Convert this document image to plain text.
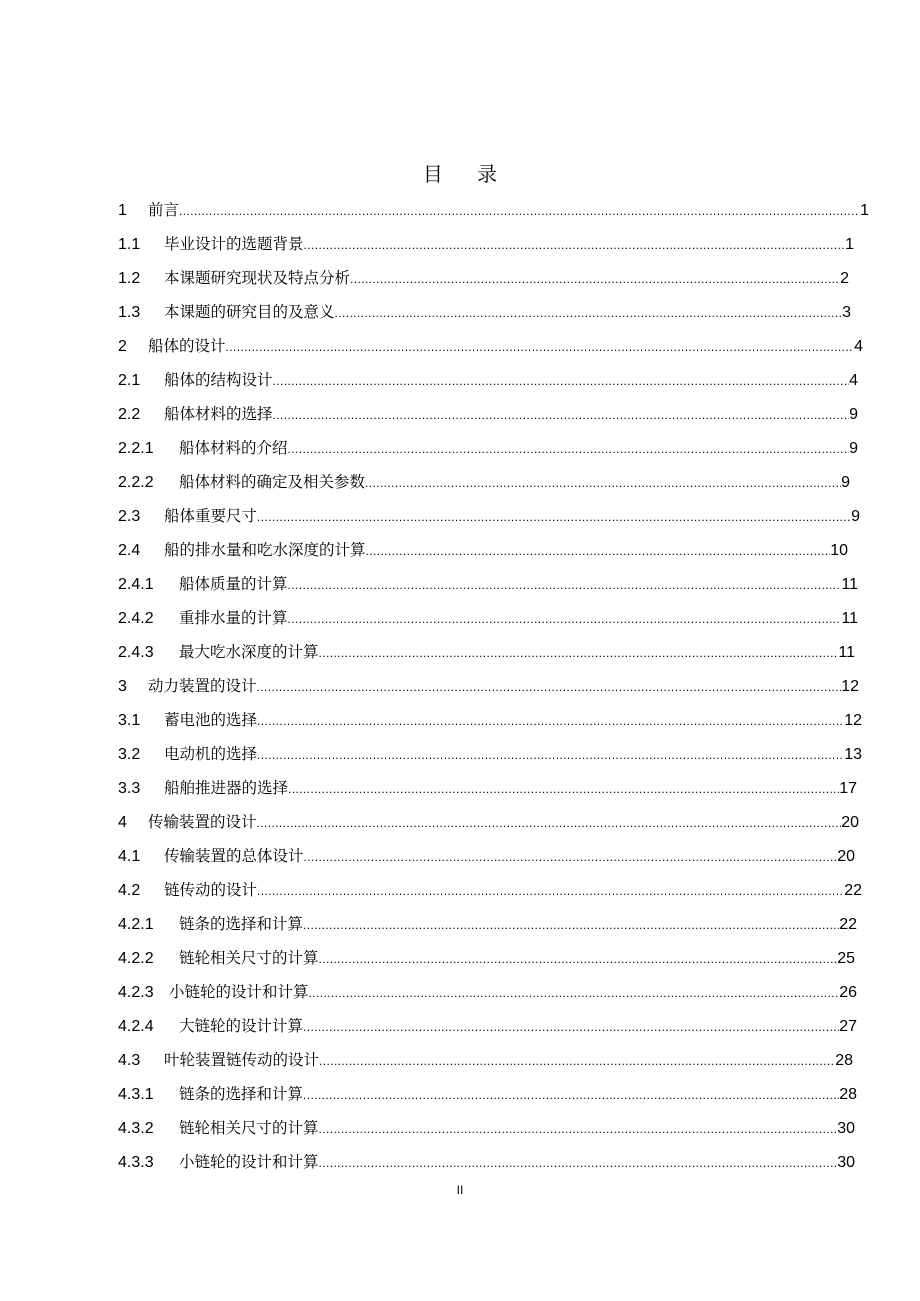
目 录
1	前言 .....	1
1.1	毕业设计的选题背景 .....	1
1.2	本课题研究现状及特点分析 .....	2
1.3	本课题的研究目的及意义 .....	3
2	船体的设计 .....	4
2.1	船体的结构设计 .....	4
2.2	船体材料的选择 .....	9
2.2.1	船体材料的介绍 .....	9
2.2.2	船体材料的确定及相关参数 .....	9
2.3	船体重要尺寸 .....	9
2.4	船的排水量和吃水深度的计算 .....	10
2.4.1	船体质量的计算 .....	11
2.4.2	重排水量的计算 .....	11
2.4.3	最大吃水深度的计算 .....	11
3	动力装置的设计 .....	12
3.1	蓄电池的选择 .....	12
3.2	电动机的选择 .....	13
3.3	船舶推进器的选择 .....	17
4	传输装置的设计 .....	20
4.1	传输装置的总体设计 .....	20
4.2	链传动的设计 .....	22
4.2.1	链条的选择和计算 .....	22
4.2.2	链轮相关尺寸的计算 .....	25
4.2.3 小链轮的设计和计算 .....	26
4.2.4	大链轮的设计计算 .....	27
4.3	叶轮装置链传动的设计 .....	28
4.3.1	链条的选择和计算 .....	28
4.3.2	链轮相关尺寸的计算 .....	30
4.3.3	小链轮的设计和计算 .....	30
II
